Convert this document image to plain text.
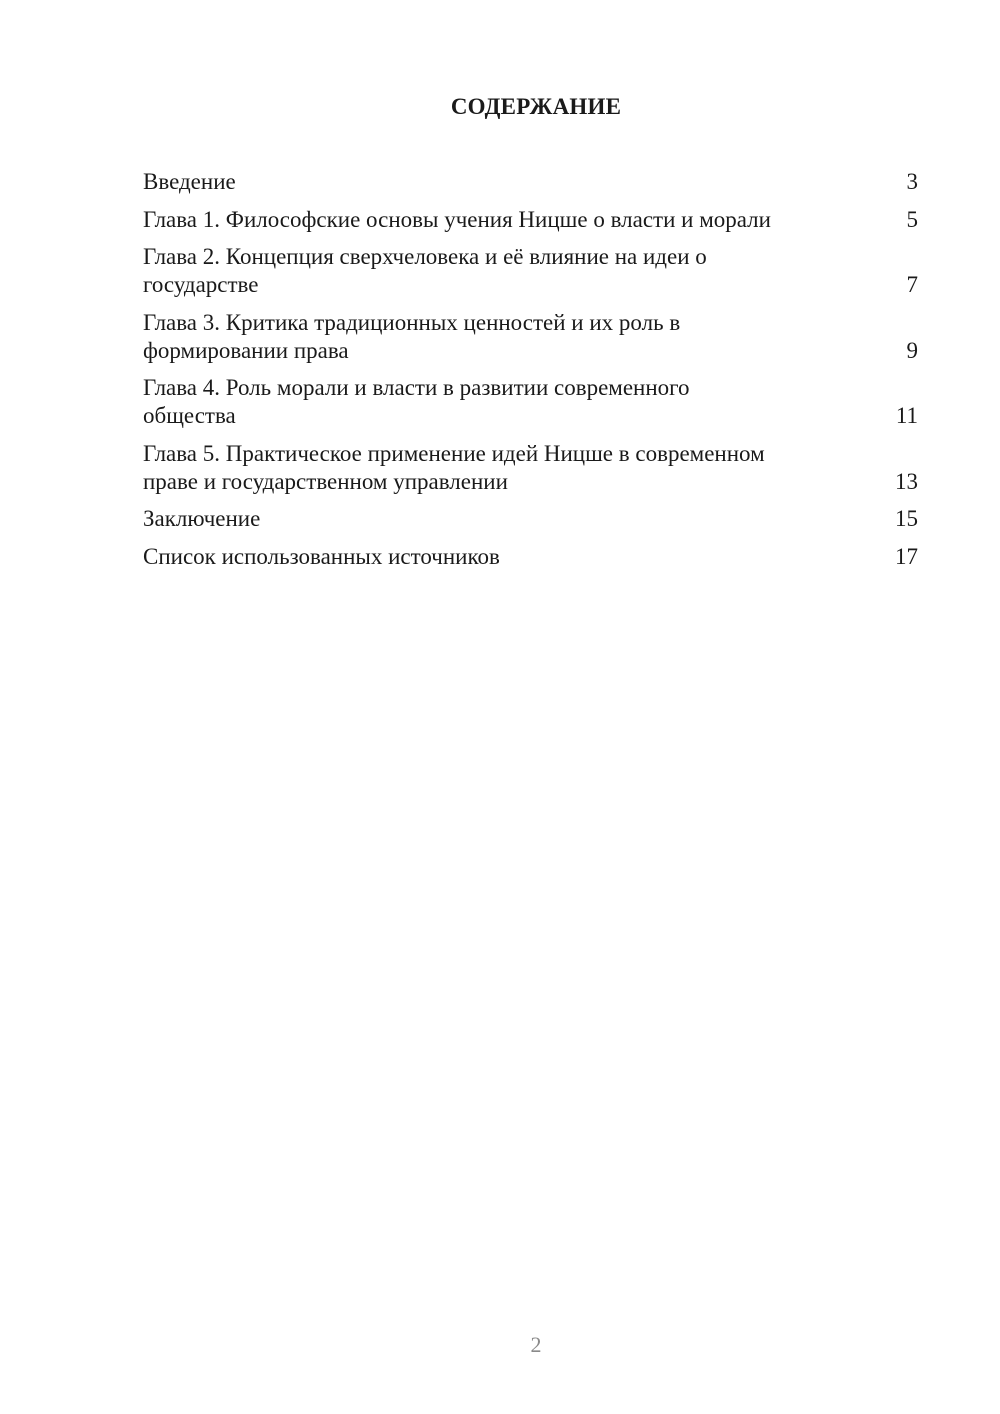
СОДЕРЖАНИЕ
Введение	3
Глава 1. Философские основы учения Ницше о власти и морали	5
Глава 2. Концепция сверхчеловека и её влияние на идеи о
государстве	7
Глава 3. Критика традиционных ценностей и их роль в
формировании права	9
Глава 4. Роль морали и власти в развитии современного
общества	11
Глава 5. Практическое применение идей Ницше в современном
праве и государственном управлении	13
Заключение	15
Список использованных источников	17
2
